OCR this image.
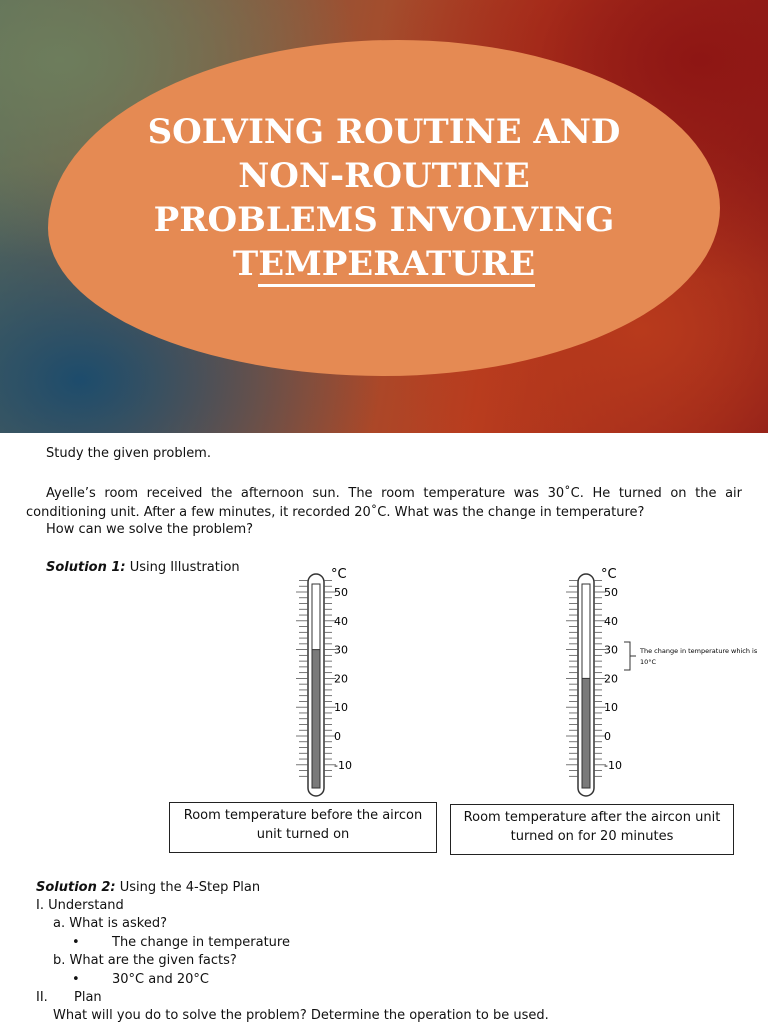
SOLVING ROUTINE AND
NON-ROUTINE
PROBLEMS INVOLVING
TEMPERATURE
Study the given problem.
Ayelle’s room received the afternoon sun. The room temperature was 30˚C. He turned on the air conditioning unit. After a few minutes, it recorded 20˚C. What was the change in temperature?
How can we solve the problem?
Solution 1: Using Illustration	°C
50
40
30
20
10
0
-10
°C
50
40
30
20
10
0
-10
The change in temperature which is
10°C
Room temperature before the aircon
unit turned on
Room temperature after the aircon unit
turned on for 20 minutes
Solution 2: Using the 4-Step Plan
I. Understand
a. What is asked?
• The change in temperature
b. What are the given facts?
• 30°C and 20°C
II. Plan
What will you do to solve the problem? Determine the operation to be used.
